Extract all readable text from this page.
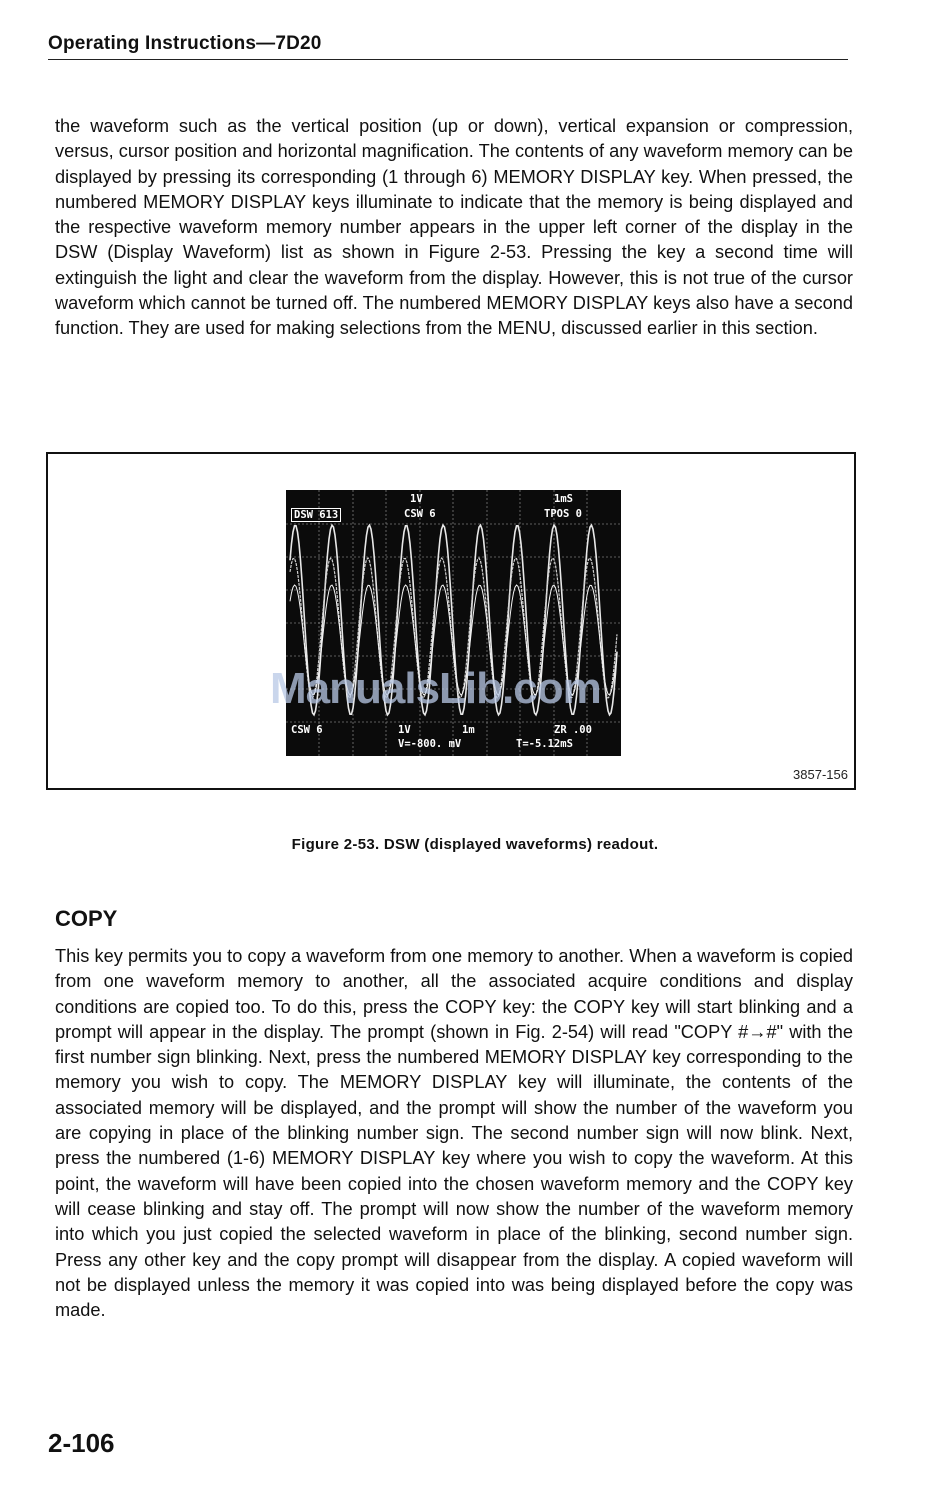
Operating Instructions—7D20

the waveform such as the vertical position (up or down), vertical expansion or compression, versus, cursor position and horizontal magnification. The contents of any waveform memory can be displayed by pressing its corresponding (1 through 6) MEMORY DISPLAY key. When pressed, the numbered MEMORY DISPLAY keys illuminate to indicate that the memory is being displayed and the respective waveform memory number appears in the upper left corner of the display in the DSW (Display Waveform) list as shown in Figure 2-53. Pressing the key a second time will extinguish the light and clear the waveform from the display. However, this is not true of the cursor waveform which cannot be turned off. The numbered MEMORY DISPLAY keys also have a second function. They are used for making selections from the MENU, discussed earlier in this section.

DSW 613
1V
CSW 6
1mS
TPOS 0
CSW 6	1V	1m	ZR .00
V=-800. mV	T=-5.12mS
ManualsLib.com
3857-156
Figure 2-53. DSW (displayed waveforms) readout.
COPY

This key permits you to copy a waveform from one memory to another. When a waveform is copied from one waveform memory to another, all the associated acquire conditions and display conditions are copied too. To do this, press the COPY key: the COPY key will start blinking and a prompt will appear in the display. The prompt (shown in Fig. 2-54) will read "COPY #→#" with the first number sign blinking. Next, press the numbered MEMORY DISPLAY key corresponding to the memory you wish to copy. The MEMORY DISPLAY key will illuminate, the contents of the associated memory will be displayed, and the prompt will show the number of the waveform you are copying in place of the blinking number sign. The second number sign will now blink. Next, press the numbered (1-6) MEMORY DISPLAY key where you wish to copy the waveform. At this point, the waveform will have been copied into the chosen waveform memory and the COPY key will cease blinking and stay off. The prompt will now show the number of the waveform memory into which you just copied the selected waveform in place of the blinking, second number sign. Press any other key and the copy prompt will disappear from the display. A copied waveform will not be displayed unless the memory it was copied into was being displayed before the copy was made.

2-106
